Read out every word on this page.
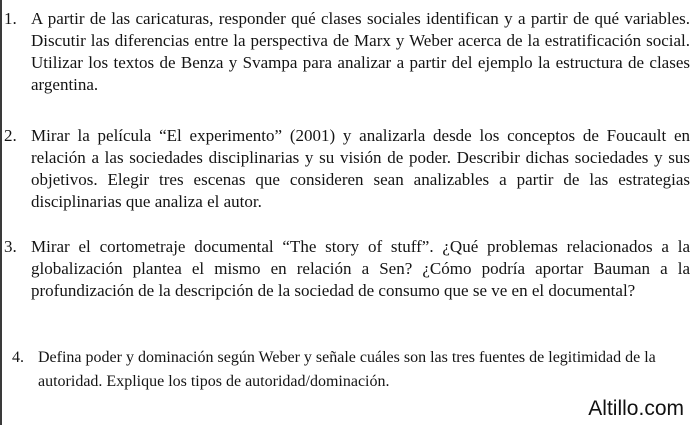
1. A partir de las caricaturas, responder qué clases sociales identifican y a partir de qué variables. Discutir las diferencias entre la perspectiva de Marx y Weber acerca de la estratificación social. Utilizar los textos de Benza y Svampa para analizar a partir del ejemplo la estructura de clases argentina.
2. Mirar la película “El experimento” (2001) y analizarla desde los conceptos de Foucault en relación a las sociedades disciplinarias y su visión de poder. Describir dichas sociedades y sus objetivos. Elegir tres escenas que consideren sean analizables a partir de las estrategias disciplinarias que analiza el autor.
3. Mirar el cortometraje documental “The story of stuff”. ¿Qué problemas relacionados a la globalización plantea el mismo en relación a Sen? ¿Cómo podría aportar Bauman a la profundización de la descripción de la sociedad de consumo que se ve en el documental?
4. Defina poder y dominación según Weber y señale cuáles son las tres fuentes de legitimidad de la autoridad. Explique los tipos de autoridad/dominación.
Altillo.com
